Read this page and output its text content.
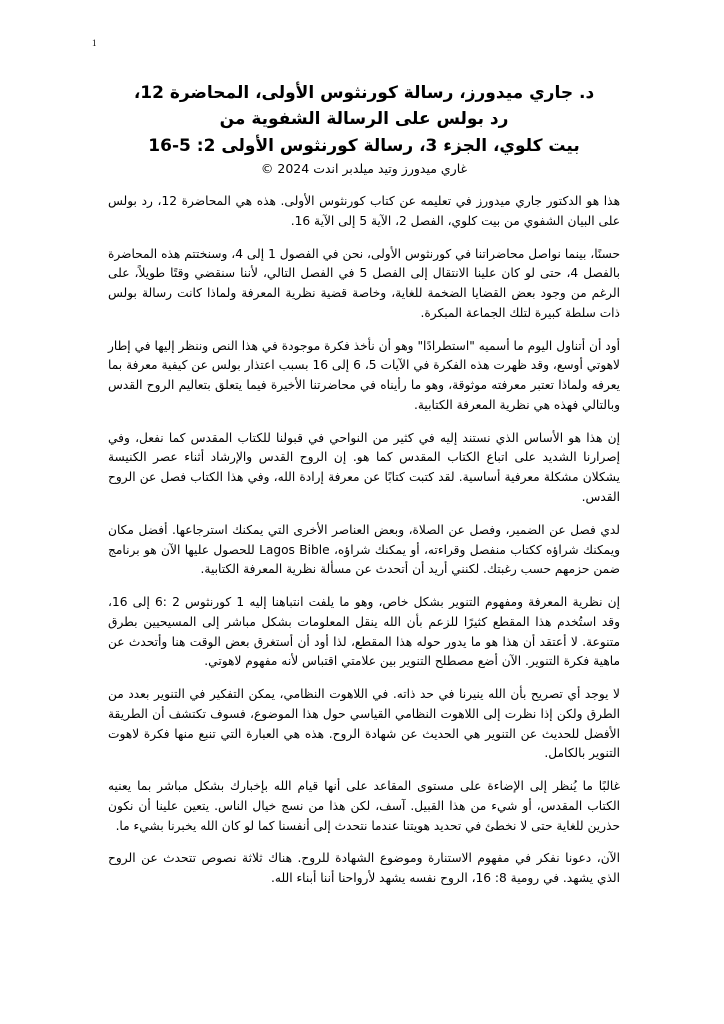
1
د. جاري ميدورز، رسالة كورنثوس الأولى، المحاضرة 12،
رد بولس على الرسالة الشفوية من
بيت كلوي، الجزء 3، رسالة كورنثوس الأولى 2: 5-16
غاري ميدورز وتيد ميلدبر اندت 2024 ©

هذا هو الدكتور جاري ميدورز في تعليمه عن كتاب كورنثوس الأولى. هذه هي المحاضرة 12، رد بولس على البيان الشفوي من بيت كلوي، الفصل 2، الآية 5 إلى الآية 16.

حسنًا، بينما نواصل محاضراتنا في كورنثوس الأولى، نحن في الفصول 1 إلى 4، وسنختتم هذه المحاضرة بالفصل 4، حتى لو كان علينا الانتقال إلى الفصل 5 في الفصل التالي، لأننا سنقضي وقتًا طويلاً، على الرغم من وجود بعض القضايا الضخمة للغاية، وخاصة قضية نظرية المعرفة ولماذا كانت رسالة بولس ذات سلطة كبيرة لتلك الجماعة المبكرة.

أود أن أتناول اليوم ما أسميه "استطرادًا" وهو أن نأخذ فكرة موجودة في هذا النص وننظر إليها في إطار لاهوتي أوسع، وقد ظهرت هذه الفكرة في الآيات 5، 6 إلى 16 بسبب اعتذار بولس عن كيفية معرفة بما يعرفه ولماذا تعتبر معرفته موثوقة، وهو ما رأيناه في محاضرتنا الأخيرة فيما يتعلق بتعاليم الروح القدس وبالتالي فهذه هي نظرية المعرفة الكتابية.

إن هذا هو الأساس الذي نستند إليه في كثير من النواحي في قبولنا للكتاب المقدس كما نفعل، وفي إصرارنا الشديد على اتباع الكتاب المقدس كما هو. إن الروح القدس والإرشاد أثناء عصر الكنيسة يشكلان مشكلة معرفية أساسية. لقد كتبت كتابًا عن معرفة إرادة الله، وفي هذا الكتاب فصل عن الروح القدس.

لدي فصل عن الضمير، وفصل عن الصلاة، وبعض العناصر الأخرى التي يمكنك استرجاعها. أفضل مكان ويمكنك شراؤه ككتاب منفصل وقراءته، أو يمكنك شراؤه، Lagos Bible للحصول عليها الآن هو برنامج ضمن حزمهم حسب رغبتك. لكنني أريد أن أتحدث عن مسألة نظرية المعرفة الكتابية.

إن نظرية المعرفة ومفهوم التنوير بشكل خاص، وهو ما يلفت انتباهنا إليه 1 كورنثوس 2 :6 إلى 16، وقد استُخدم هذا المقطع كثيرًا للزعم بأن الله ينقل المعلومات بشكل مباشر إلى المسيحيين بطرق متنوعة. لا أعتقد أن هذا هو ما يدور حوله هذا المقطع، لذا أود أن أستغرق بعض الوقت هنا وأتحدث عن ماهية فكرة التنوير. الآن أضع مصطلح التنوير بين علامتي اقتباس لأنه مفهوم لاهوتي.

لا يوجد أي تصريح بأن الله ينيرنا في حد ذاته. في اللاهوت النظامي، يمكن التفكير في التنوير بعدد من الطرق ولكن إذا نظرت إلى اللاهوت النظامي القياسي حول هذا الموضوع، فسوف تكتشف أن الطريقة الأفضل للحديث عن التنوير هي الحديث عن شهادة الروح. هذه هي العبارة التي تنبع منها فكرة لاهوت التنوير بالكامل.

غالبًا ما يُنظر إلى الإضاءة على مستوى المقاعد على أنها قيام الله بإخبارك بشكل مباشر بما يعنيه الكتاب المقدس، أو شيء من هذا القبيل. آسف، لكن هذا من نسج خيال الناس. يتعين علينا أن نكون حذرين للغاية حتى لا نخطئ في تحديد هويتنا عندما نتحدث إلى أنفسنا كما لو كان الله يخبرنا بشيء ما.

الآن، دعونا نفكر في مفهوم الاستنارة وموضوع الشهادة للروح. هناك ثلاثة نصوص تتحدث عن الروح الذي يشهد. في رومية 8: 16، الروح نفسه يشهد لأرواحنا أننا أبناء الله.
